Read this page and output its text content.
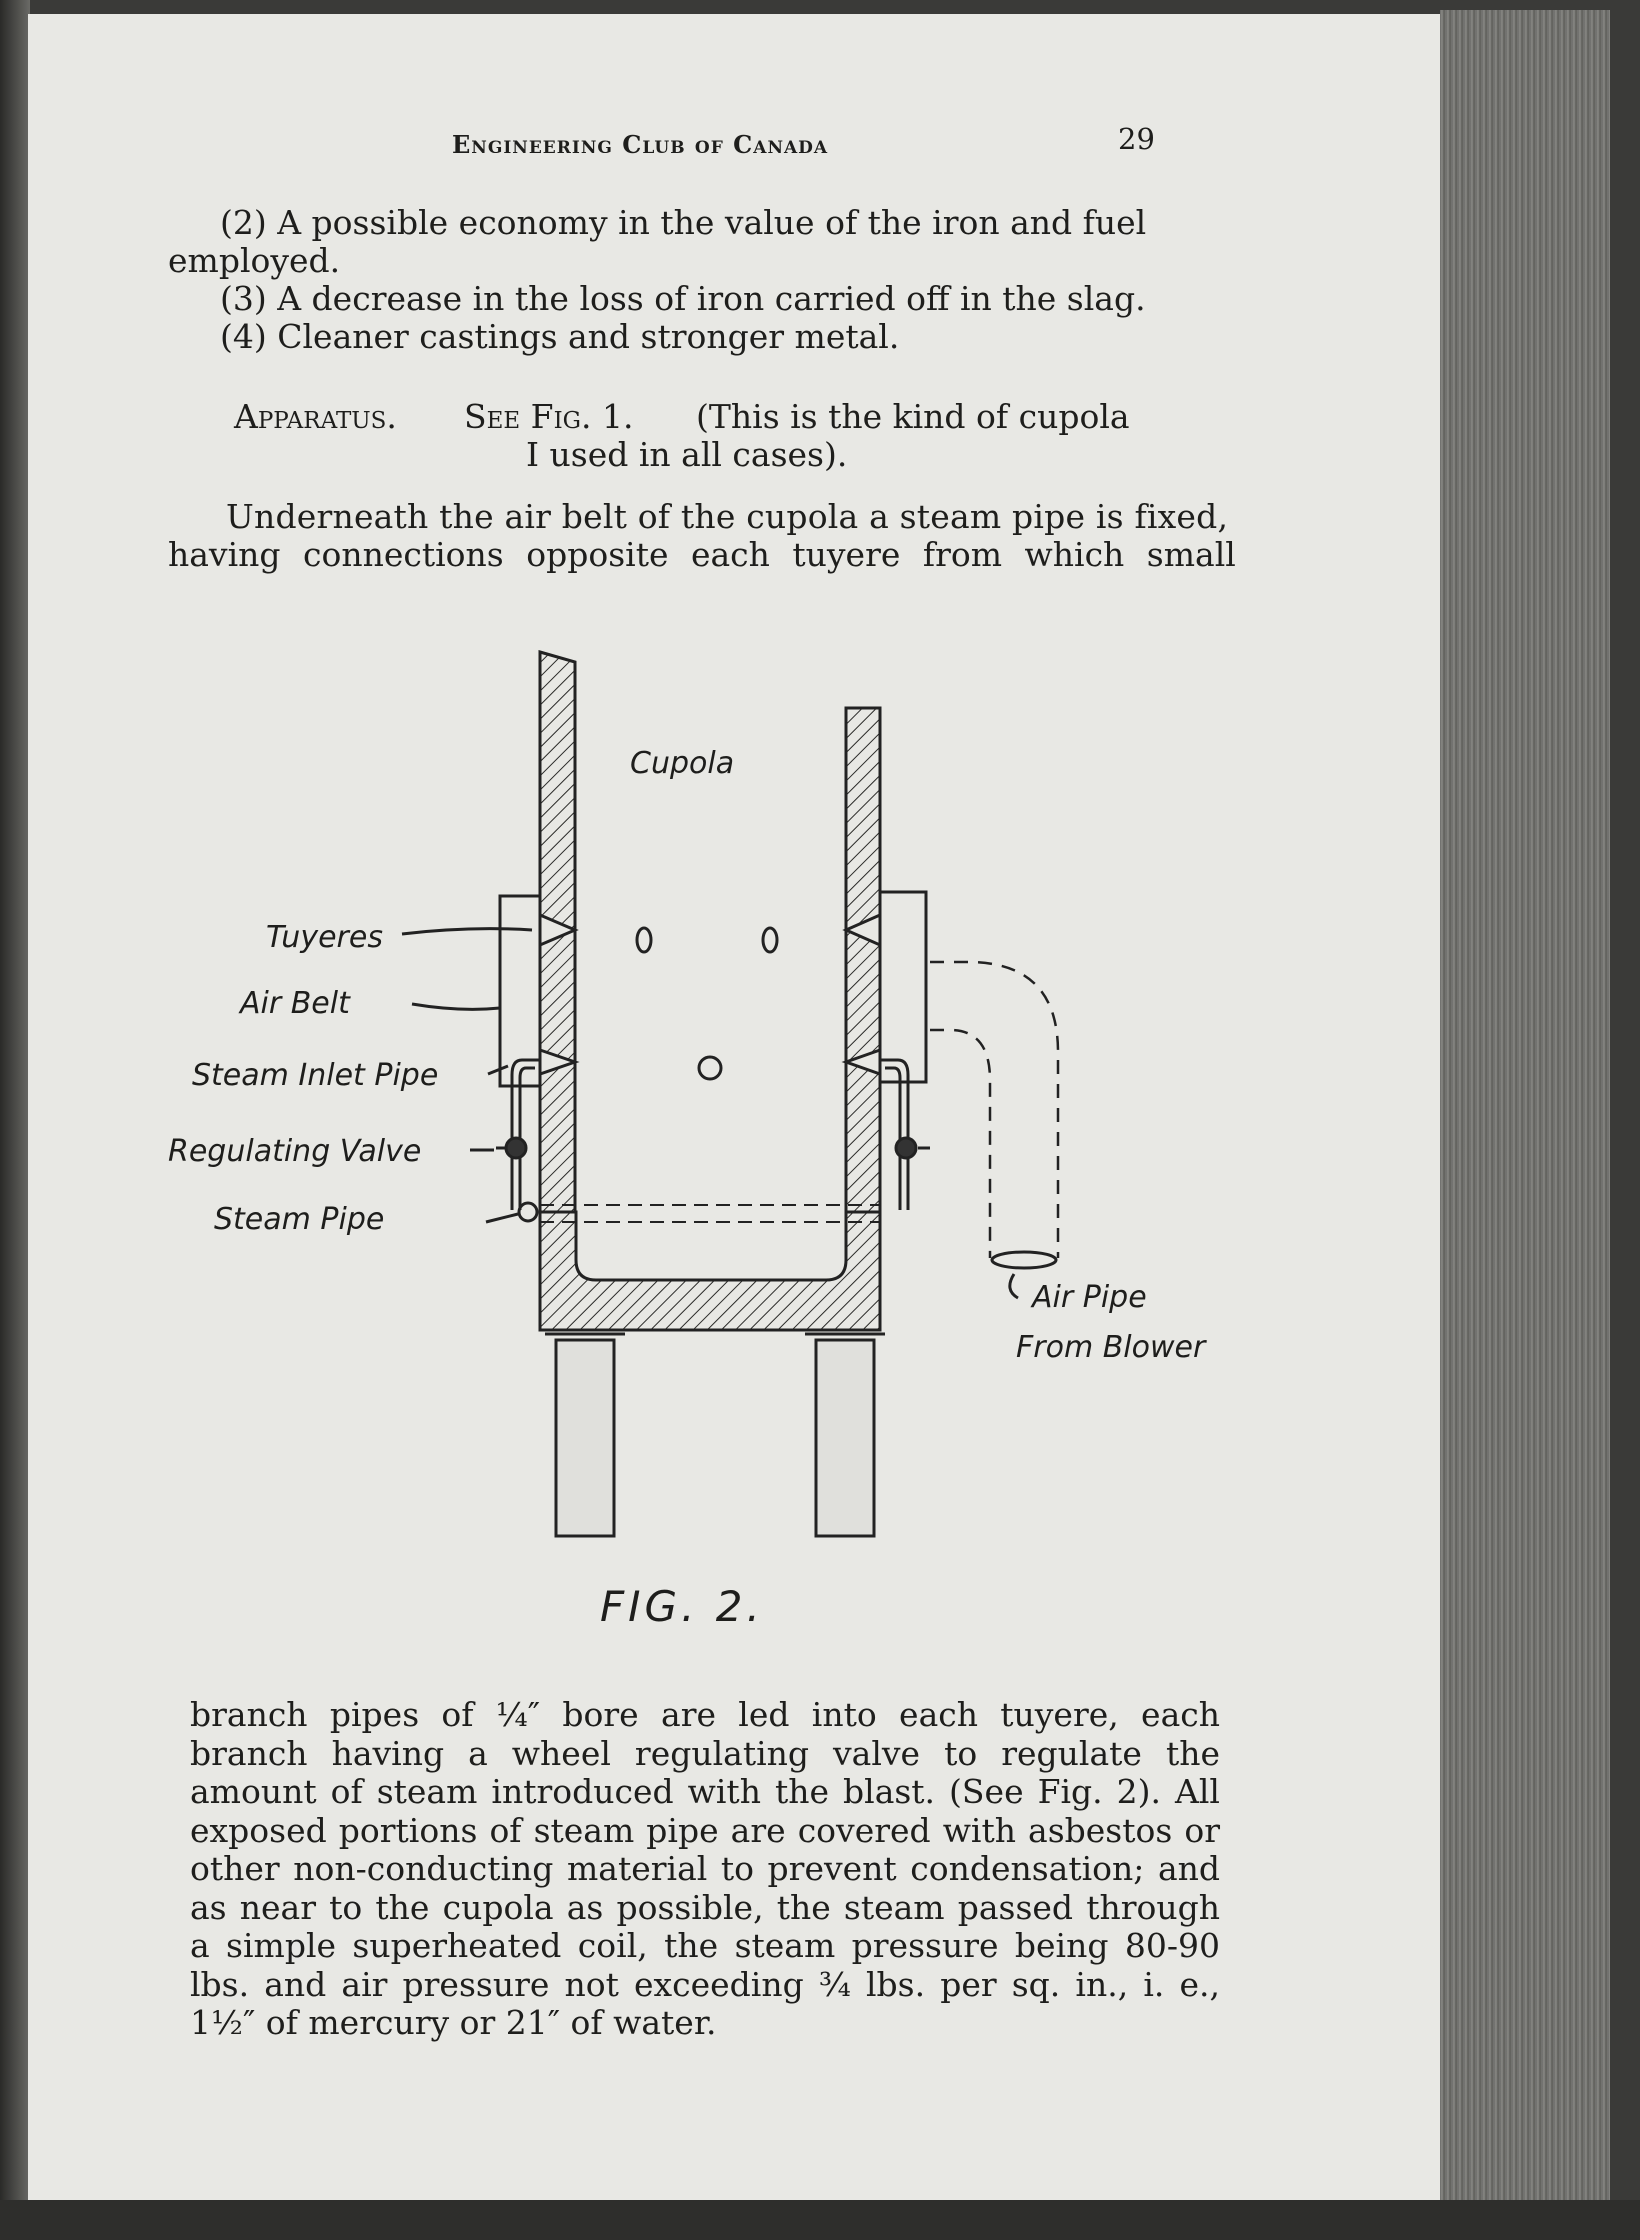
Engineering Club of Canada	29

(2) A possible economy in the value of the iron and fuel employed.

(3) A decrease in the loss of iron carried off in the slag.

(4) Cleaner castings and stronger metal.

Apparatus. See Fig. 1. (This is the kind of cupola

I used in all cases).

Underneath the air belt of the cupola a steam pipe is fixed,

having connections opposite each tuyere from which small

Cupola

Tuyeres

Air Belt

Steam Inlet Pipe

Regulating Valve

Steam Pipe

Air Pipe

From Blower

FIG. 2.

branch pipes of ¼″ bore are led into each tuyere, each branch having a wheel regulating valve to regulate the amount of steam introduced with the blast. (See Fig. 2). All exposed portions of steam pipe are covered with asbestos or other non-conducting material to prevent condensation; and as near to the cupola as possible, the steam passed through a simple superheated coil, the steam pressure being 80-90 lbs. and air pressure not exceeding ¾ lbs. per sq. in., i. e., 1½″ of mercury or 21″ of water.
